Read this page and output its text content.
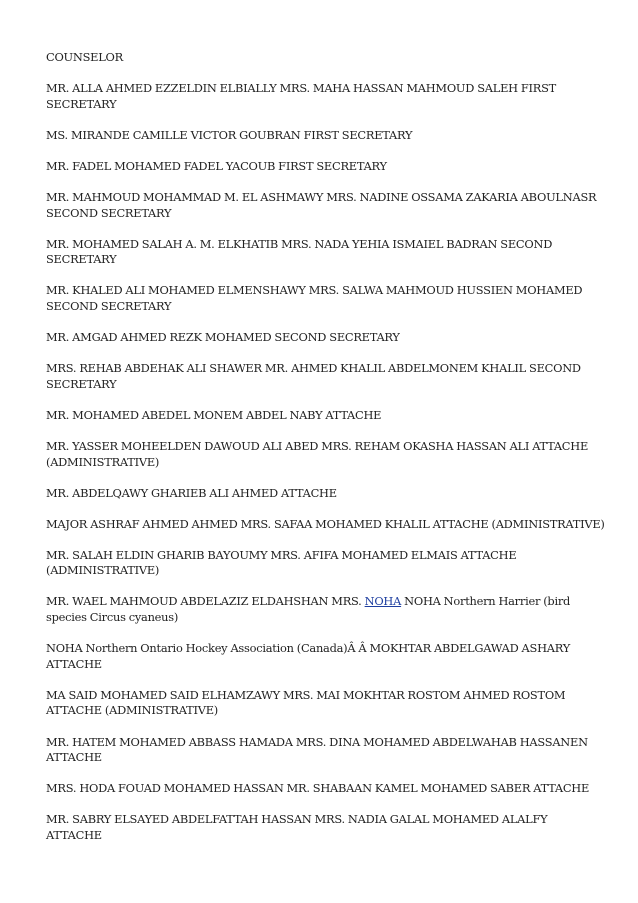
COUNSELOR

MR. ALLA AHMED EZZELDIN ELBIALLY MRS. MAHA HASSAN MAHMOUD SALEH FIRST SECRETARY

MS. MIRANDE CAMILLE VICTOR GOUBRAN FIRST SECRETARY

MR. FADEL MOHAMED FADEL YACOUB FIRST SECRETARY

MR. MAHMOUD MOHAMMAD M. EL ASHMAWY MRS. NADINE OSSAMA ZAKARIA ABOULNASR SECOND SECRETARY

MR. MOHAMED SALAH A. M. ELKHATIB MRS. NADA YEHIA ISMAIEL BADRAN SECOND SECRETARY

MR. KHALED ALI MOHAMED ELMENSHAWY MRS. SALWA MAHMOUD HUSSIEN MOHAMED SECOND SECRETARY

MR. AMGAD AHMED REZK MOHAMED SECOND SECRETARY

MRS. REHAB ABDEHAK ALI SHAWER MR. AHMED KHALIL ABDELMONEM KHALIL SECOND SECRETARY

MR. MOHAMED ABEDEL MONEM ABDEL NABY ATTACHE

MR. YASSER MOHEELDEN DAWOUD ALI ABED MRS. REHAM OKASHA HASSAN ALI ATTACHE (ADMINISTRATIVE)

MR. ABDELQAWY GHARIEB ALI AHMED ATTACHE

MAJOR ASHRAF AHMED AHMED MRS. SAFAA MOHAMED KHALIL ATTACHE (ADMINISTRATIVE)

MR. SALAH ELDIN GHARIB BAYOUMY MRS. AFIFA MOHAMED ELMAIS ATTACHE (ADMINISTRATIVE)

MR. WAEL MAHMOUD ABDELAZIZ ELDAHSHAN MRS. NOHA NOHA Northern Harrier (bird species Circus cyaneus)

NOHA Northern Ontario Hockey Association (Canada)Â Â MOKHTAR ABDELGAWAD ASHARY ATTACHE

MA SAID MOHAMED SAID ELHAMZAWY MRS. MAI MOKHTAR ROSTOM AHMED ROSTOM ATTACHE (ADMINISTRATIVE)

MR. HATEM MOHAMED ABBASS HAMADA MRS. DINA MOHAMED ABDELWAHAB HASSANEN ATTACHE

MRS. HODA FOUAD MOHAMED HASSAN MR. SHABAAN KAMEL MOHAMED SABER ATTACHE

MR. SABRY ELSAYED ABDELFATTAH HASSAN MRS. NADIA GALAL MOHAMED ALALFY ATTACHE
